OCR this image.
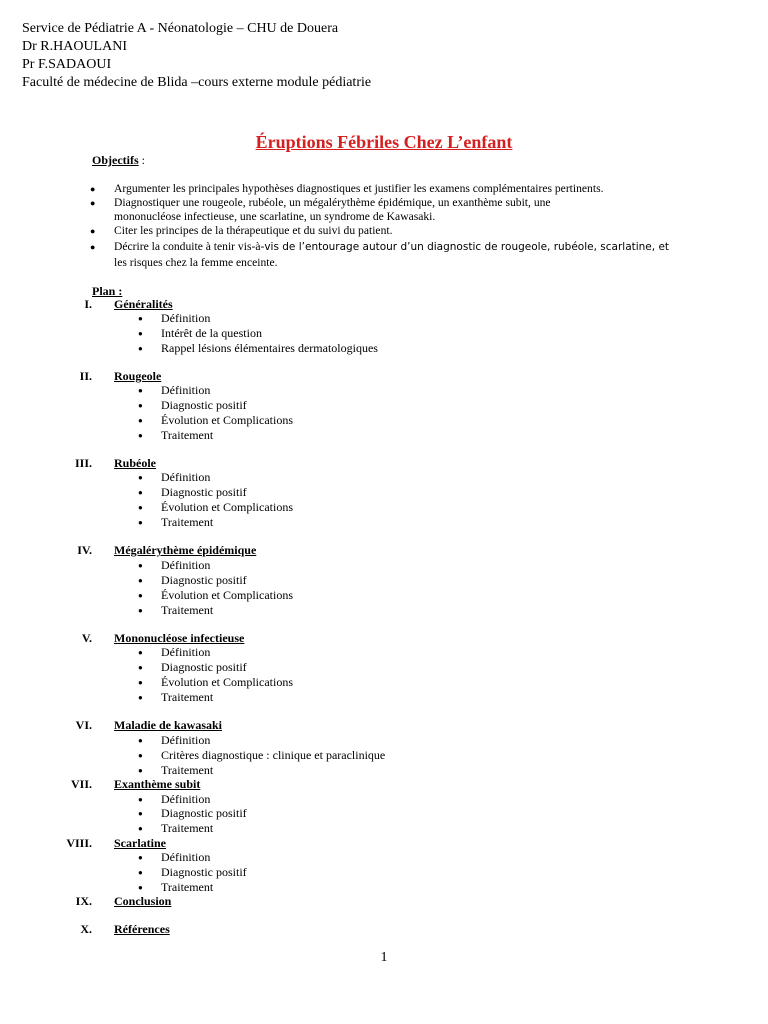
Service de Pédiatrie A - Néonatologie – CHU de Douera
Dr R.HAOULANI
Pr F.SADAOUI
Faculté de médecine de Blida –cours externe module pédiatrie
Éruptions Fébriles Chez L’enfant
Objectifs :
● Argumenter les principales hypothèses diagnostiques et justifier les examens complémentaires pertinents.
● Diagnostiquer une rougeole, rubéole, un mégalérythème épidémique, un exanthème subit, une
mononucléose infectieuse, une scarlatine, un syndrome de Kawasaki.
● Citer les principes de la thérapeutique et du suivi du patient.
● Décrire la conduite à tenir vis-à-vis de l’entourage autour d’un diagnostic de rougeole, rubéole, scarlatine, et
les risques chez la femme enceinte.
Plan :
I. Généralités
● Définition
● Intérêt de la question
● Rappel lésions élémentaires dermatologiques
II. Rougeole
● Définition
● Diagnostic positif
● Évolution et Complications
● Traitement
III. Rubéole
● Définition
● Diagnostic positif
● Évolution et Complications
● Traitement
IV. Mégalérythème épidémique
● Définition
● Diagnostic positif
● Évolution et Complications
● Traitement
V. Mononucléose infectieuse
● Définition
● Diagnostic positif
● Évolution et Complications
● Traitement
VI. Maladie de kawasaki
● Définition
● Critères diagnostique : clinique et paraclinique
● Traitement
VII. Exanthème subit
● Définition
● Diagnostic positif
● Traitement
VIII. Scarlatine
● Définition
● Diagnostic positif
● Traitement
IX. Conclusion
X. Références
1
